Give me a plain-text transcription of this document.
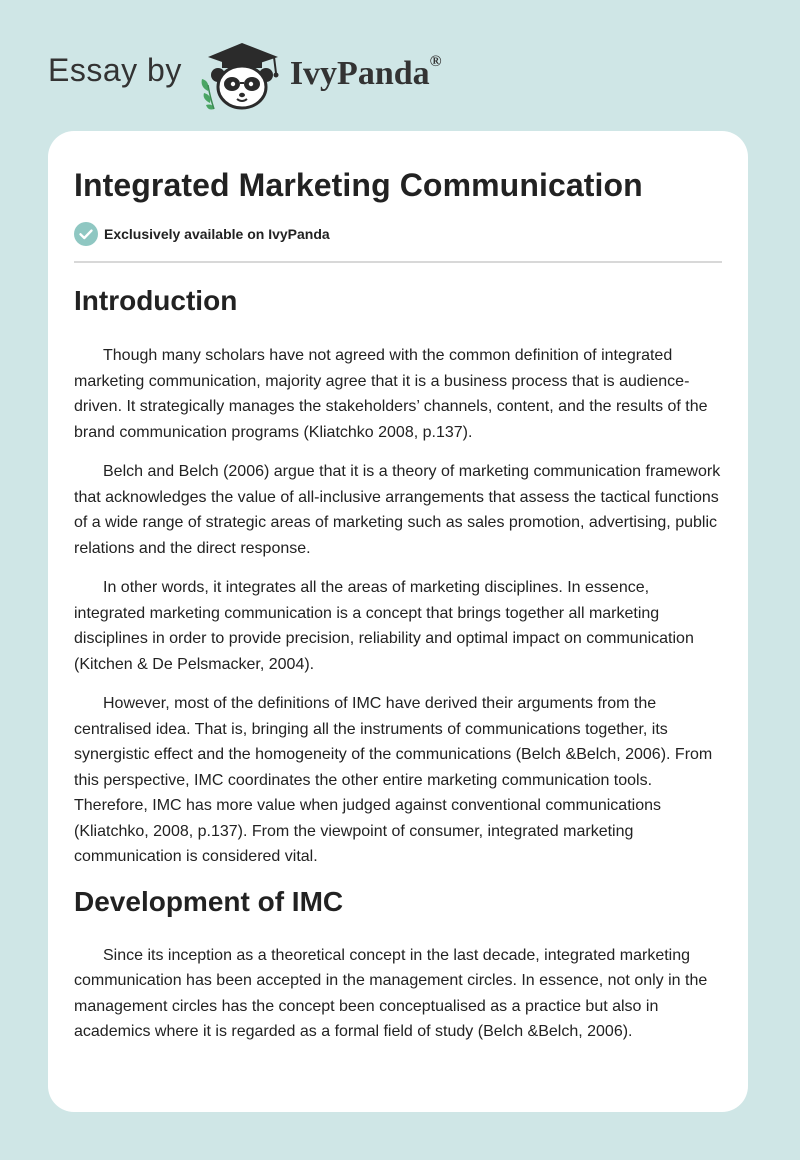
Essay by	IvyPanda®
Integrated Marketing Communication
Exclusively available on IvyPanda
Introduction

Though many scholars have not agreed with the common definition of integrated marketing communication, majority agree that it is a business process that is audience-driven. It strategically manages the stakeholders’ channels, content, and the results of the brand communication programs (Kliatchko 2008, p.137).

Belch and Belch (2006) argue that it is a theory of marketing communication framework that acknowledges the value of all-inclusive arrangements that assess the tactical functions of a wide range of strategic areas of marketing such as sales promotion, advertising, public relations and the direct response.

In other words, it integrates all the areas of marketing disciplines. In essence, integrated marketing communication is a concept that brings together all marketing disciplines in order to provide precision, reliability and optimal impact on communication (Kitchen & De Pelsmacker, 2004).

However, most of the definitions of IMC have derived their arguments from the centralised idea. That is, bringing all the instruments of communications together, its synergistic effect and the homogeneity of the communications (Belch &Belch, 2006). From this perspective, IMC coordinates the other entire marketing communication tools. Therefore, IMC has more value when judged against conventional communications (Kliatchko, 2008, p.137). From the viewpoint of consumer, integrated marketing communication is considered vital.

Development of IMC

Since its inception as a theoretical concept in the last decade, integrated marketing communication has been accepted in the management circles. In essence, not only in the management circles has the concept been conceptualised as a practice but also in academics where it is regarded as a formal field of study (Belch &Belch, 2006).
